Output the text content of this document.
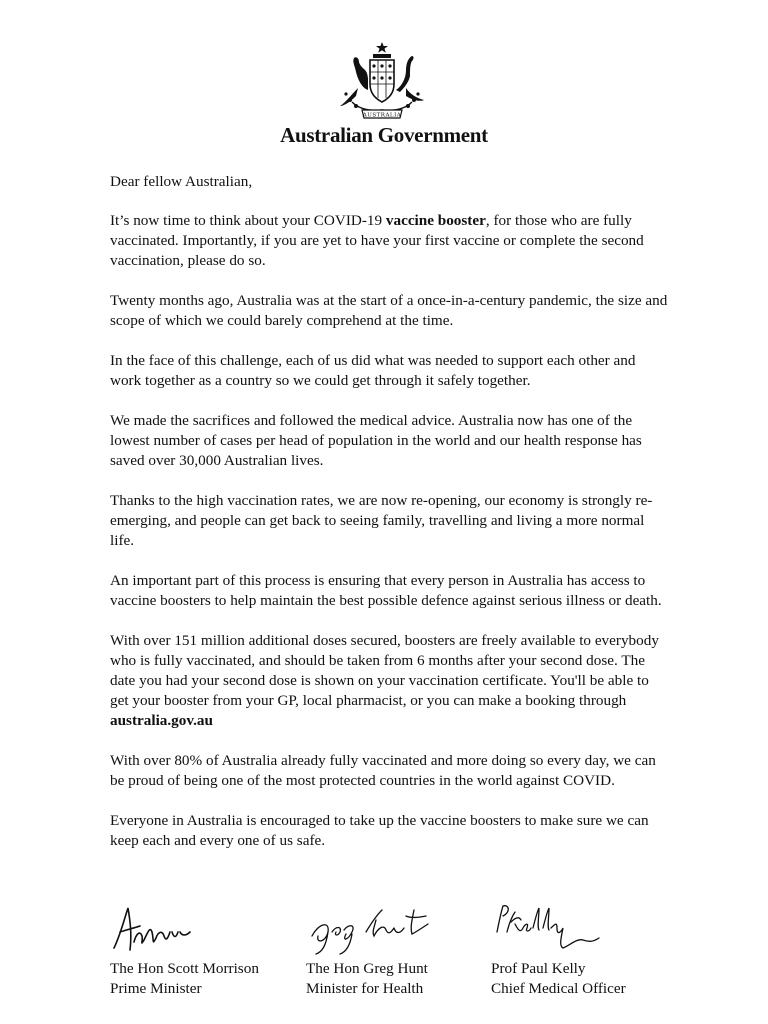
AUSTRALIA
Australian Government

Dear fellow Australian,

It’s now time to think about your COVID-19 vaccine booster, for those who are fully vaccinated. Importantly, if you are yet to have your first vaccine or complete the second vaccination, please do so.

Twenty months ago, Australia was at the start of a once-in-a-century pandemic, the size and scope of which we could barely comprehend at the time.

In the face of this challenge, each of us did what was needed to support each other and work together as a country so we could get through it safely together.

We made the sacrifices and followed the medical advice. Australia now has one of the lowest number of cases per head of population in the world and our health response has saved over 30,000 Australian lives.

Thanks to the high vaccination rates, we are now re-opening, our economy is strongly re-emerging, and people can get back to seeing family, travelling and living a more normal life.

An important part of this process is ensuring that every person in Australia has access to vaccine boosters to help maintain the best possible defence against serious illness or death.

With over 151 million additional doses secured, boosters are freely available to everybody who is fully vaccinated, and should be taken from 6 months after your second dose. The date you had your second dose is shown on your vaccination certificate. You'll be able to get your booster from your GP, local pharmacist, or you can make a booking through australia.gov.au

With over 80% of Australia already fully vaccinated and more doing so every day, we can be proud of being one of the most protected countries in the world against COVID.

Everyone in Australia is encouraged to take up the vaccine boosters to make sure we can keep each and every one of us safe.

The Hon Scott Morrison
Prime Minister
The Hon Greg Hunt
Minister for Health
Prof Paul Kelly
Chief Medical Officer
